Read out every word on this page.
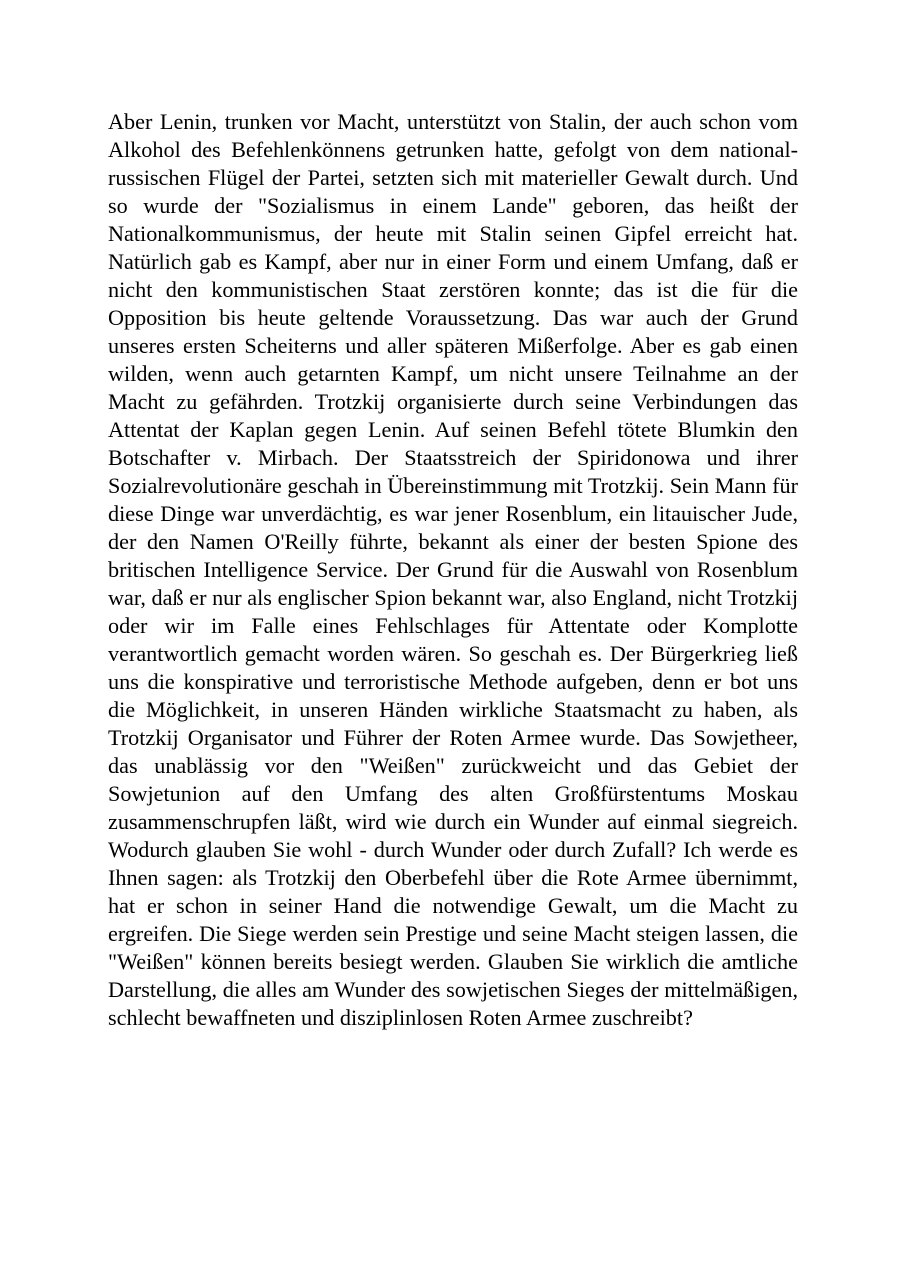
Aber Lenin, trunken vor Macht, unterstützt von Stalin, der auch schon vom Alkohol des Befehlenkönnens getrunken hatte, gefolgt von dem national-russischen Flügel der Partei, setzten sich mit materieller Gewalt durch. Und so wurde der "Sozialismus in einem Lande" geboren, das heißt der Nationalkommunismus, der heute mit Stalin seinen Gipfel erreicht hat. Natürlich gab es Kampf, aber nur in einer Form und einem Umfang, daß er nicht den kommunistischen Staat zerstören konnte; das ist die für die Opposition bis heute geltende Voraussetzung. Das war auch der Grund unseres ersten Scheiterns und aller späteren Mißerfolge. Aber es gab einen wilden, wenn auch getarnten Kampf, um nicht unsere Teilnahme an der Macht zu gefährden. Trotzkij organisierte durch seine Verbindungen das Attentat der Kaplan gegen Lenin. Auf seinen Befehl tötete Blumkin den Botschafter v. Mirbach. Der Staatsstreich der Spiridonowa und ihrer Sozialrevolutionäre geschah in Übereinstimmung mit Trotzkij. Sein Mann für diese Dinge war unverdächtig, es war jener Rosenblum, ein litauischer Jude, der den Namen O'Reilly führte, bekannt als einer der besten Spione des britischen Intelligence Service. Der Grund für die Auswahl von Rosenblum war, daß er nur als englischer Spion bekannt war, also England, nicht Trotzkij oder wir im Falle eines Fehlschlages für Attentate oder Komplotte verantwortlich gemacht worden wären. So geschah es. Der Bürgerkrieg ließ uns die konspirative und terroristische Methode aufgeben, denn er bot uns die Möglichkeit, in unseren Händen wirkliche Staatsmacht zu haben, als Trotzkij Organisator und Führer der Roten Armee wurde. Das Sowjetheer, das unablässig vor den "Weißen" zurückweicht und das Gebiet der Sowjetunion auf den Umfang des alten Großfürstentums Moskau zusammenschrupfen läßt, wird wie durch ein Wunder auf einmal siegreich. Wodurch glauben Sie wohl - durch Wunder oder durch Zufall? Ich werde es Ihnen sagen: als Trotzkij den Oberbefehl über die Rote Armee übernimmt, hat er schon in seiner Hand die notwendige Gewalt, um die Macht zu ergreifen. Die Siege werden sein Prestige und seine Macht steigen lassen, die "Weißen" können bereits besiegt werden. Glauben Sie wirklich die amtliche Darstellung, die alles am Wunder des sowjetischen Sieges der mittelmäßigen, schlecht bewaffneten und disziplinlosen Roten Armee zuschreibt?
